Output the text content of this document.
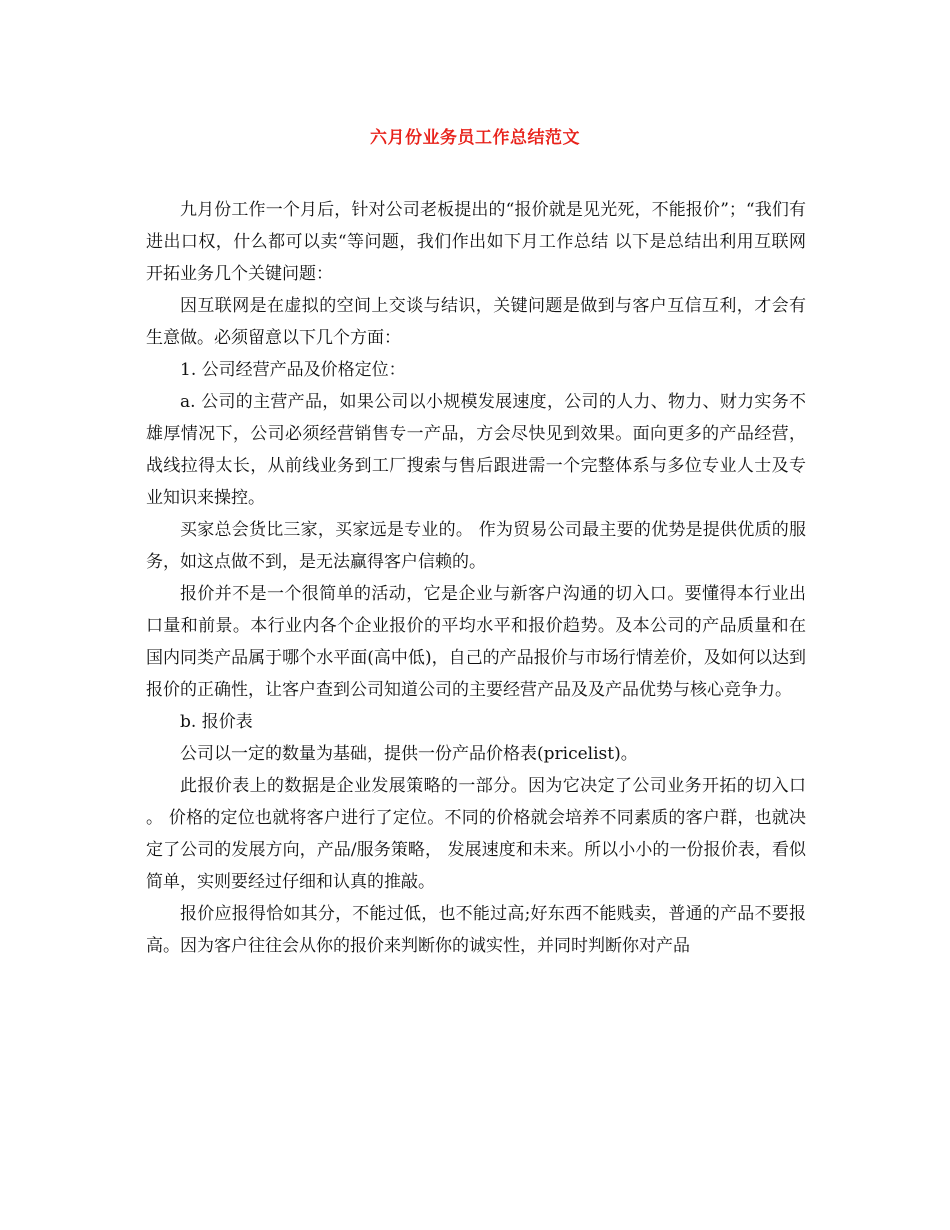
六月份业务员工作总结范文

九月份工作一个月后，针对公司老板提出的“报价就是见光死，不能报价”；“我们有进出口权，什么都可以卖“等问题，我们作出如下月工作总结 以下是总结出利用互联网开拓业务几个关键问题：

因互联网是在虚拟的空间上交谈与结识，关键问题是做到与客户互信互利，才会有生意做。必须留意以下几个方面：

1. 公司经营产品及价格定位：

a. 公司的主营产品，如果公司以小规模发展速度，公司的人力、物力、财力实务不雄厚情况下，公司必须经营销售专一产品，方会尽快见到效果。面向更多的产品经营，战线拉得太长，从前线业务到工厂搜索与售后跟进需一个完整体系与多位专业人士及专业知识来操控。

买家总会货比三家，买家远是专业的。 作为贸易公司最主要的优势是提供优质的服务，如这点做不到，是无法赢得客户信赖的。

报价并不是一个很简单的活动，它是企业与新客户沟通的切入口。要懂得本行业出口量和前景。本行业内各个企业报价的平均水平和报价趋势。及本公司的产品质量和在国内同类产品属于哪个水平面(高中低)，自己的产品报价与市场行情差价，及如何以达到报价的正确性，让客户查到公司知道公司的主要经营产品及及产品优势与核心竞争力。

b. 报价表

公司以一定的数量为基础，提供一份产品价格表(pricelist)。

此报价表上的数据是企业发展策略的一部分。因为它决定了公司业务开拓的切入口。 价格的定位也就将客户进行了定位。不同的价格就会培养不同素质的客户群，也就决定了公司的发展方向，产品/服务策略， 发展速度和未来。所以小小的一份报价表，看似简单，实则要经过仔细和认真的推敲。

报价应报得恰如其分，不能过低，也不能过高;好东西不能贱卖，普通的产品不要报高。因为客户往往会从你的报价来判断你的诚实性，并同时判断你对产品
